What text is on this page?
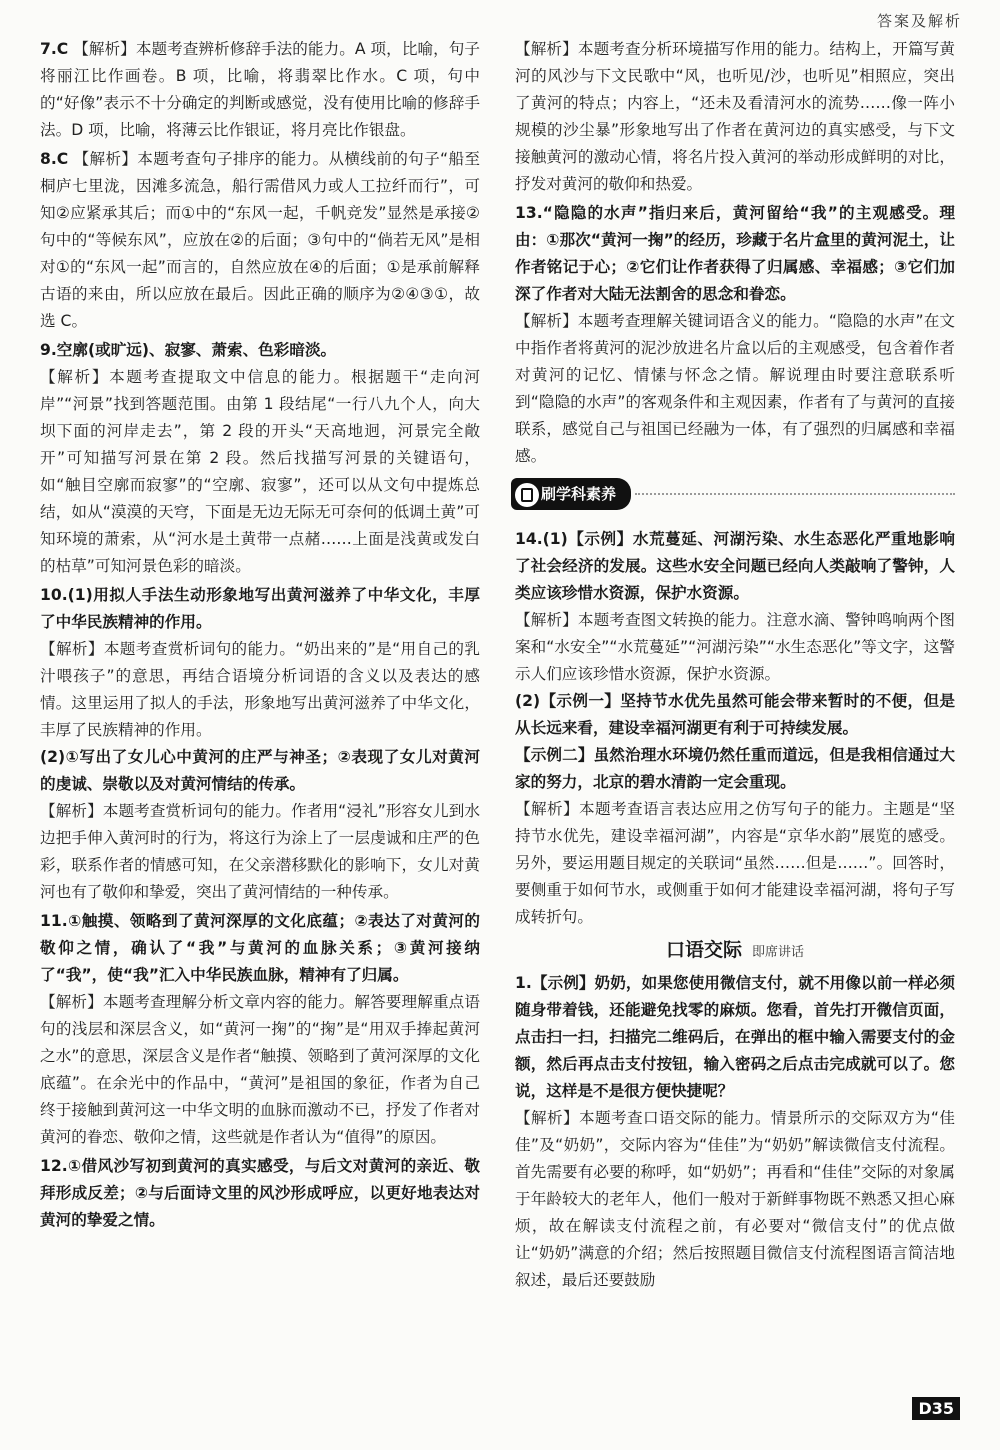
答案及解析
7.C 【解析】本题考查辨析修辞手法的能力。A 项，比喻，句子将丽江比作画卷。B 项，比喻，将翡翠比作水。C 项，句中的“好像”表示不十分确定的判断或感觉，没有使用比喻的修辞手法。D 项，比喻，将薄云比作银证，将月亮比作银盘。
8.C 【解析】本题考查句子排序的能力。从横线前的句子“船至桐庐七里泷，因滩多流急，船行需借风力或人工拉纤而行”，可知②应紧承其后；而①中的“东风一起，千帆竞发”显然是承接②句中的“等候东风”，应放在②的后面；③句中的“倘若无风”是相对①的“东风一起”而言的，自然应放在④的后面；①是承前解释古语的来由，所以应放在最后。因此正确的顺序为②④③①，故选 C。
9.空廓(或旷远)、寂寥、萧索、色彩暗淡。
【解析】本题考查提取文中信息的能力。根据题干“走向河岸”“河景”找到答题范围。由第 1 段结尾“一行八九个人，向大坝下面的河岸走去”，第 2 段的开头“天高地迥，河景完全敞开”可知描写河景在第 2 段。然后找描写河景的关键语句，如“触目空廓而寂寥”的“空廓、寂寥”，还可以从文句中提炼总结，如从“漠漠的天穹，下面是无边无际无可奈何的低调土黄”可知环境的萧索，从“河水是土黄带一点赭……上面是浅黄或发白的枯草”可知河景色彩的暗淡。
10.(1)用拟人手法生动形象地写出黄河滋养了中华文化，丰厚了中华民族精神的作用。
【解析】本题考查赏析词句的能力。“奶出来的”是“用自己的乳汁喂孩子”的意思，再结合语境分析词语的含义以及表达的感情。这里运用了拟人的手法，形象地写出黄河滋养了中华文化，丰厚了民族精神的作用。
(2)①写出了女儿心中黄河的庄严与神圣；②表现了女儿对黄河的虔诚、崇敬以及对黄河情结的传承。
【解析】本题考查赏析词句的能力。作者用“浸礼”形容女儿到水边把手伸入黄河时的行为，将这行为涂上了一层虔诚和庄严的色彩，联系作者的情感可知，在父亲潜移默化的影响下，女儿对黄河也有了敬仰和挚爱，突出了黄河情结的一种传承。
11.①触摸、领略到了黄河深厚的文化底蕴；②表达了对黄河的敬仰之情，确认了“我”与黄河的血脉关系；③黄河接纳了“我”，使“我”汇入中华民族血脉，精神有了归属。
【解析】本题考查理解分析文章内容的能力。解答要理解重点语句的浅层和深层含义，如“黄河一掬”的“掬”是“用双手捧起黄河之水”的意思，深层含义是作者“触摸、领略到了黄河深厚的文化底蕴”。在余光中的作品中，“黄河”是祖国的象征，作者为自己终于接触到黄河这一中华文明的血脉而激动不已，抒发了作者对黄河的眷恋、敬仰之情，这些就是作者认为“值得”的原因。
12.①借风沙写初到黄河的真实感受，与后文对黄河的亲近、敬拜形成反差；②与后面诗文里的风沙形成呼应，以更好地表达对黄河的挚爱之情。
【解析】本题考查分析环境描写作用的能力。结构上，开篇写黄河的风沙与下文民歌中“风，也听见/沙，也听见”相照应，突出了黄河的特点；内容上，“还未及看清河水的流势……像一阵小规模的沙尘暴”形象地写出了作者在黄河边的真实感受，与下文接触黄河的激动心情，将名片投入黄河的举动形成鲜明的对比，抒发对黄河的敬仰和热爱。
13.“隐隐的水声”指归来后，黄河留给“我”的主观感受。理由：①那次“黄河一掬”的经历，珍藏于名片盒里的黄河泥土，让作者铭记于心；②它们让作者获得了归属感、幸福感；③它们加深了作者对大陆无法割舍的思念和眷恋。
【解析】本题考查理解关键词语含义的能力。“隐隐的水声”在文中指作者将黄河的泥沙放进名片盒以后的主观感受，包含着作者对黄河的记忆、情愫与怀念之情。解说理由时要注意联系听到“隐隐的水声”的客观条件和主观因素，作者有了与黄河的直接联系，感觉自己与祖国已经融为一体，有了强烈的归属感和幸福感。
刷学科素养
14.(1)【示例】水荒蔓延、河湖污染、水生态恶化严重地影响了社会经济的发展。这些水安全问题已经向人类敲响了警钟，人类应该珍惜水资源，保护水资源。
【解析】本题考查图文转换的能力。注意水滴、警钟鸣响两个图案和“水安全”“水荒蔓延”“河湖污染”“水生态恶化”等文字，这警示人们应该珍惜水资源，保护水资源。
(2)【示例一】坚持节水优先虽然可能会带来暂时的不便，但是从长远来看，建设幸福河湖更有利于可持续发展。
【示例二】虽然治理水环境仍然任重而道远，但是我相信通过大家的努力，北京的碧水清韵一定会重现。
【解析】本题考查语言表达应用之仿写句子的能力。主题是“坚持节水优先，建设幸福河湖”，内容是“京华水韵”展览的感受。另外，要运用题目规定的关联词“虽然……但是……”。回答时，要侧重于如何节水，或侧重于如何才能建设幸福河湖，将句子写成转折句。
口语交际 即席讲话
1.【示例】奶奶，如果您使用微信支付，就不用像以前一样必须随身带着钱，还能避免找零的麻烦。您看，首先打开微信页面，点击扫一扫，扫描完二维码后，在弹出的框中输入需要支付的金额，然后再点击支付按钮，输入密码之后点击完成就可以了。您说，这样是不是很方便快捷呢？
【解析】本题考查口语交际的能力。情景所示的交际双方为“佳佳”及“奶奶”，交际内容为“佳佳”为“奶奶”解读微信支付流程。首先需要有必要的称呼，如“奶奶”；再看和“佳佳”交际的对象属于年龄较大的老年人，他们一般对于新鲜事物既不熟悉又担心麻烦，故在解读支付流程之前，有必要对“微信支付”的优点做让“奶奶”满意的介绍；然后按照题目微信支付流程图语言简洁地叙述，最后还要鼓励
D35
